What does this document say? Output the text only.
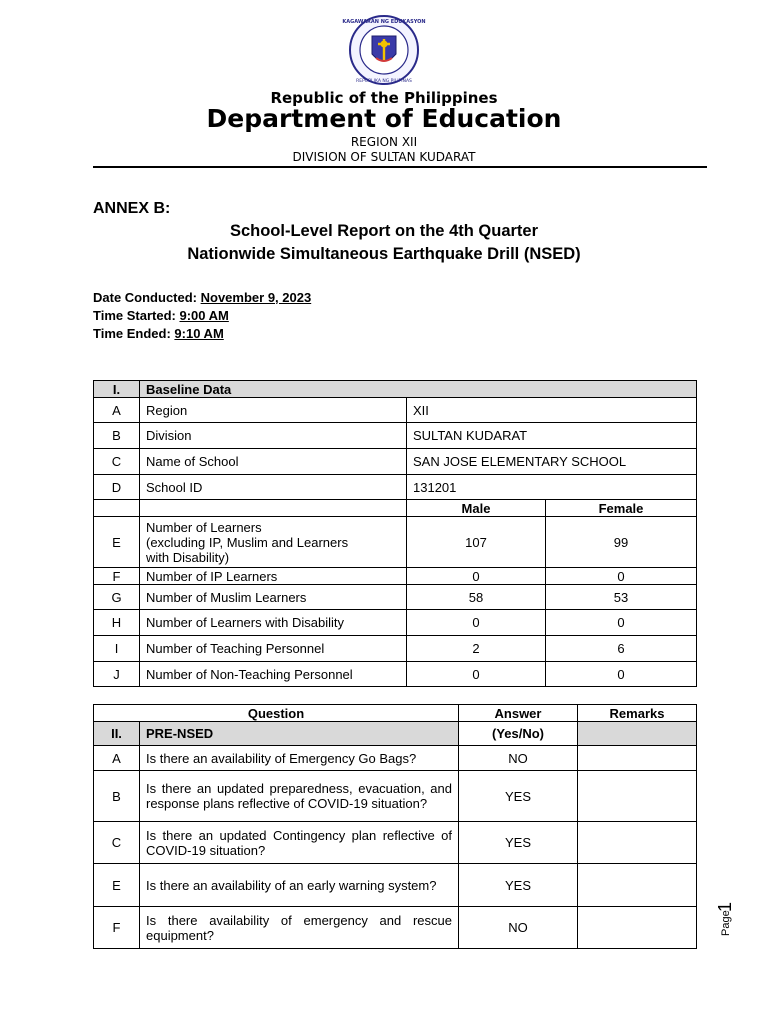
KAGAWARAN NG EDUKASYON
REPUBLIKA NG PILIPINAS
Republic of the Philippines
Department of Education
REGION XII
DIVISION OF SULTAN KUDARAT
ANNEX B:
School-Level Report on the 4th Quarter
Nationwide Simultaneous Earthquake Drill (NSED)
Date Conducted: November 9, 2023
Time Started: 9:00 AM
Time Ended: 9:10 AM
I.	Baseline Data		
A	Region	XII	
B	Division	SULTAN KUDARAT	
C	Name of School	SAN JOSE ELEMENTARY SCHOOL	
D	School ID	131201	
		Male	Female
E	Number of Learners
(excluding IP, Muslim and Learners
with Disability)	107	99
F	Number of IP Learners	0	0
G	Number of Muslim Learners	58	53
H	Number of Learners with Disability	0	0
I	Number of Teaching Personnel	2	6
J	Number of Non-Teaching Personnel	0	0
Question		Answer	Remarks
II.	PRE-NSED	(Yes/No)	
A	Is there an availability of Emergency Go Bags?	NO	
B	Is there an updated preparedness, evacuation, and response plans reflective of COVID-19 situation?	YES	
C	Is there an updated Contingency plan reflective of COVID-19 situation?	YES	
E	Is there an availability of an early warning system?	YES	
F	Is there availability of emergency and rescue equipment?	NO		Page
1
